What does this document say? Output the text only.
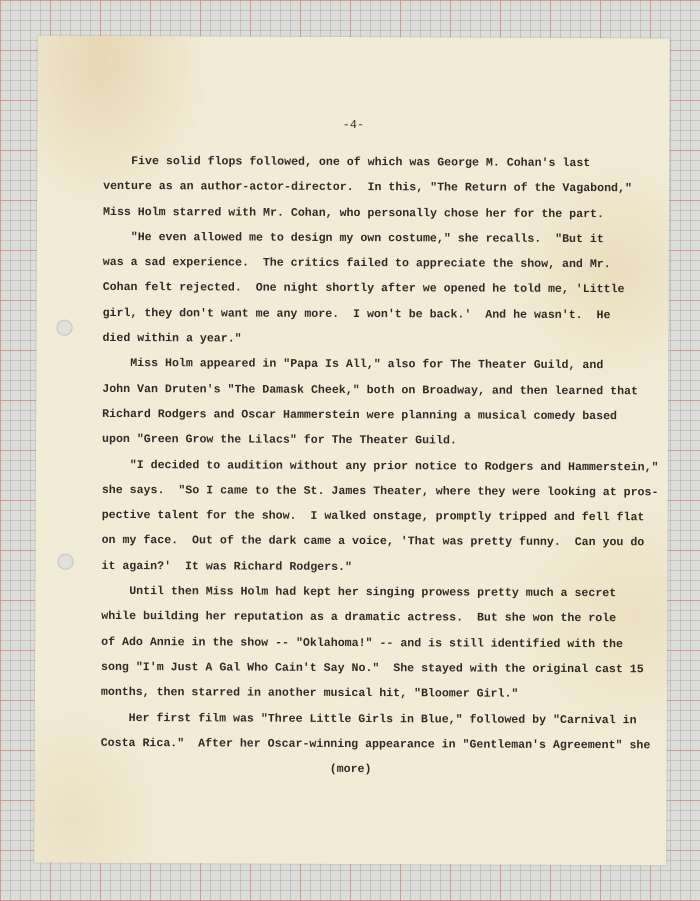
-4-
Five solid flops followed, one of which was George M. Cohan's last
venture as an author-actor-director.  In this, "The Return of the Vagabond,"
Miss Holm starred with Mr. Cohan, who personally chose her for the part.
"He even allowed me to design my own costume," she recalls.  "But it
was a sad experience.  The critics failed to appreciate the show, and Mr.
Cohan felt rejected.  One night shortly after we opened he told me, 'Little
girl, they don't want me any more.  I won't be back.'  And he wasn't.  He
died within a year."
Miss Holm appeared in "Papa Is All," also for The Theater Guild, and
John Van Druten's "The Damask Cheek," both on Broadway, and then learned that
Richard Rodgers and Oscar Hammerstein were planning a musical comedy based
upon "Green Grow the Lilacs" for The Theater Guild.
"I decided to audition without any prior notice to Rodgers and Hammerstein,"
she says.  "So I came to the St. James Theater, where they were looking at pros-
pective talent for the show.  I walked onstage, promptly tripped and fell flat
on my face.  Out of the dark came a voice, 'That was pretty funny.  Can you do
it again?'  It was Richard Rodgers."
Until then Miss Holm had kept her singing prowess pretty much a secret
while building her reputation as a dramatic actress.  But she won the role
of Ado Annie in the show -- "Oklahoma!" -- and is still identified with the
song "I'm Just A Gal Who Cain't Say No."  She stayed with the original cast 15
months, then starred in another musical hit, "Bloomer Girl."
Her first film was "Three Little Girls in Blue," followed by "Carnival in
Costa Rica."  After her Oscar-winning appearance in "Gentleman's Agreement" she
(more)
